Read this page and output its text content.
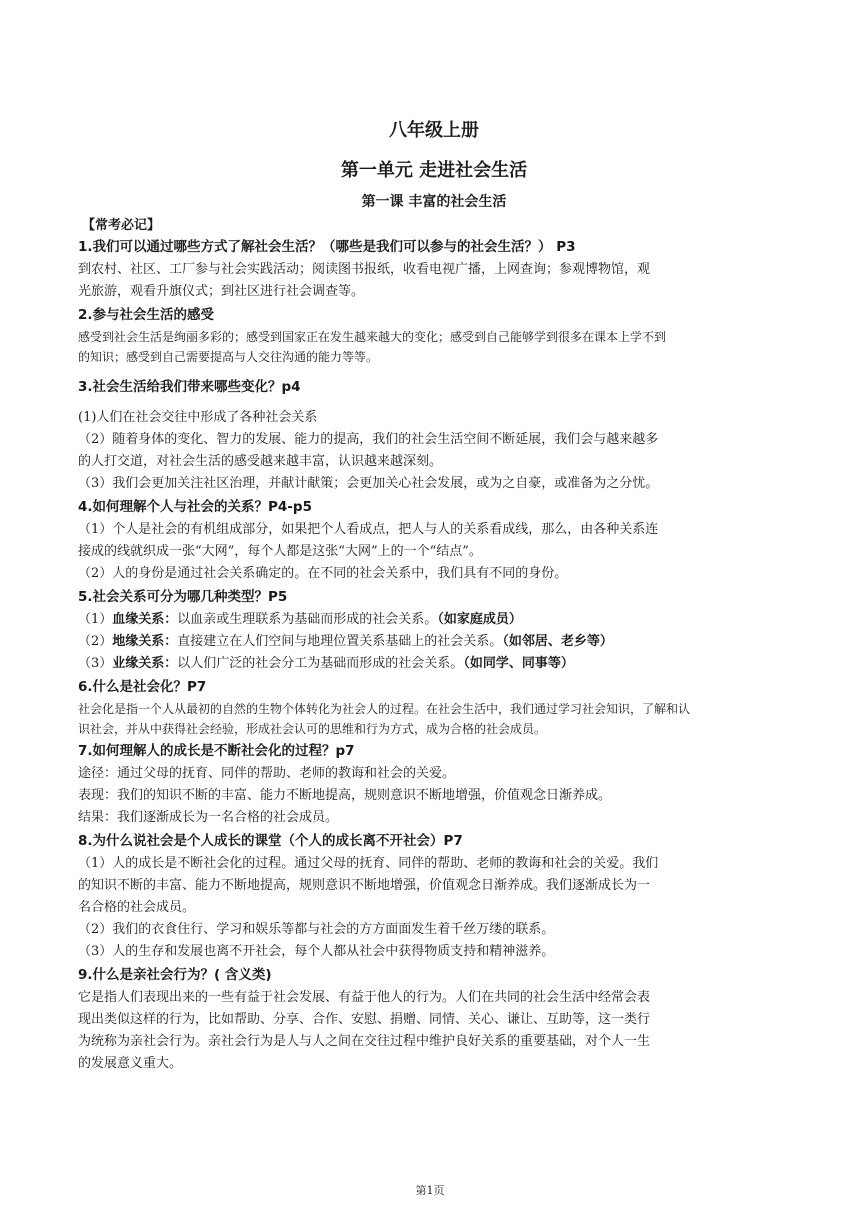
八年级上册
第一单元 走进社会生活
第一课 丰富的社会生活
【常考必记】
1.我们可以通过哪些方式了解社会生活？（哪些是我们可以参与的社会生活？） P3

到农村、社区、工厂参与社会实践活动；阅读图书报纸，收看电视广播，上网查询；参观博物馆，观

光旅游，观看升旗仪式；到社区进行社会调查等。

2.参与社会生活的感受

感受到社会生活是绚丽多彩的；感受到国家正在发生越来越大的变化；感受到自己能够学到很多在课本上学不到

的知识；感受到自己需要提高与人交往沟通的能力等等。

3.社会生活给我们带来哪些变化？p4

(1)人们在社会交往中形成了各种社会关系

（2）随着身体的变化、智力的发展、能力的提高，我们的社会生活空间不断延展，我们会与越来越多

的人打交道，对社会生活的感受越来越丰富，认识越来越深刻。

（3）我们会更加关注社区治理，并献计献策；会更加关心社会发展，或为之自豪，或准备为之分忧。

4.如何理解个人与社会的关系？P4-p5

（1）个人是社会的有机组成部分，如果把个人看成点，把人与人的关系看成线，那么，由各种关系连

接成的线就织成一张“大网”，每个人都是这张“大网”上的一个“结点”。

（2）人的身份是通过社会关系确定的。在不同的社会关系中，我们具有不同的身份。

5.社会关系可分为哪几种类型？P5

（1）血缘关系：以血亲或生理联系为基础而形成的社会关系。（如家庭成员）

（2）地缘关系：直接建立在人们空间与地理位置关系基础上的社会关系。（如邻居、老乡等）

（3）业缘关系：以人们广泛的社会分工为基础而形成的社会关系。（如同学、同事等）

6.什么是社会化？P7

社会化是指一个人从最初的自然的生物个体转化为社会人的过程。在社会生活中，我们通过学习社会知识，了解和认

识社会，并从中获得社会经验，形成社会认可的思维和行为方式，成为合格的社会成员。

7.如何理解人的成长是不断社会化的过程？p7

途径：通过父母的抚育、同伴的帮助、老师的教诲和社会的关爱。

表现：我们的知识不断的丰富、能力不断地提高，规则意识不断地增强，价值观念日渐养成。

结果：我们逐渐成长为一名合格的社会成员。

8.为什么说社会是个人成长的课堂（个人的成长离不开社会）P7

（1）人的成长是不断社会化的过程。通过父母的抚育、同伴的帮助、老师的教诲和社会的关爱。我们

的知识不断的丰富、能力不断地提高，规则意识不断地增强，价值观念日渐养成。我们逐渐成长为一

名合格的社会成员。

（2）我们的衣食住行、学习和娱乐等都与社会的方方面面发生着千丝万缕的联系。

（3）人的生存和发展也离不开社会，每个人都从社会中获得物质支持和精神滋养。

9.什么是亲社会行为？( 含义类)

它是指人们表现出来的一些有益于社会发展、有益于他人的行为。人们在共同的社会生活中经常会表

现出类似这样的行为，比如帮助、分享、合作、安慰、捐赠、同情、关心、谦让、互助等，这一类行

为统称为亲社会行为。亲社会行为是人与人之间在交往过程中维护良好关系的重要基础，对个人一生

的发展意义重大。

第1页
